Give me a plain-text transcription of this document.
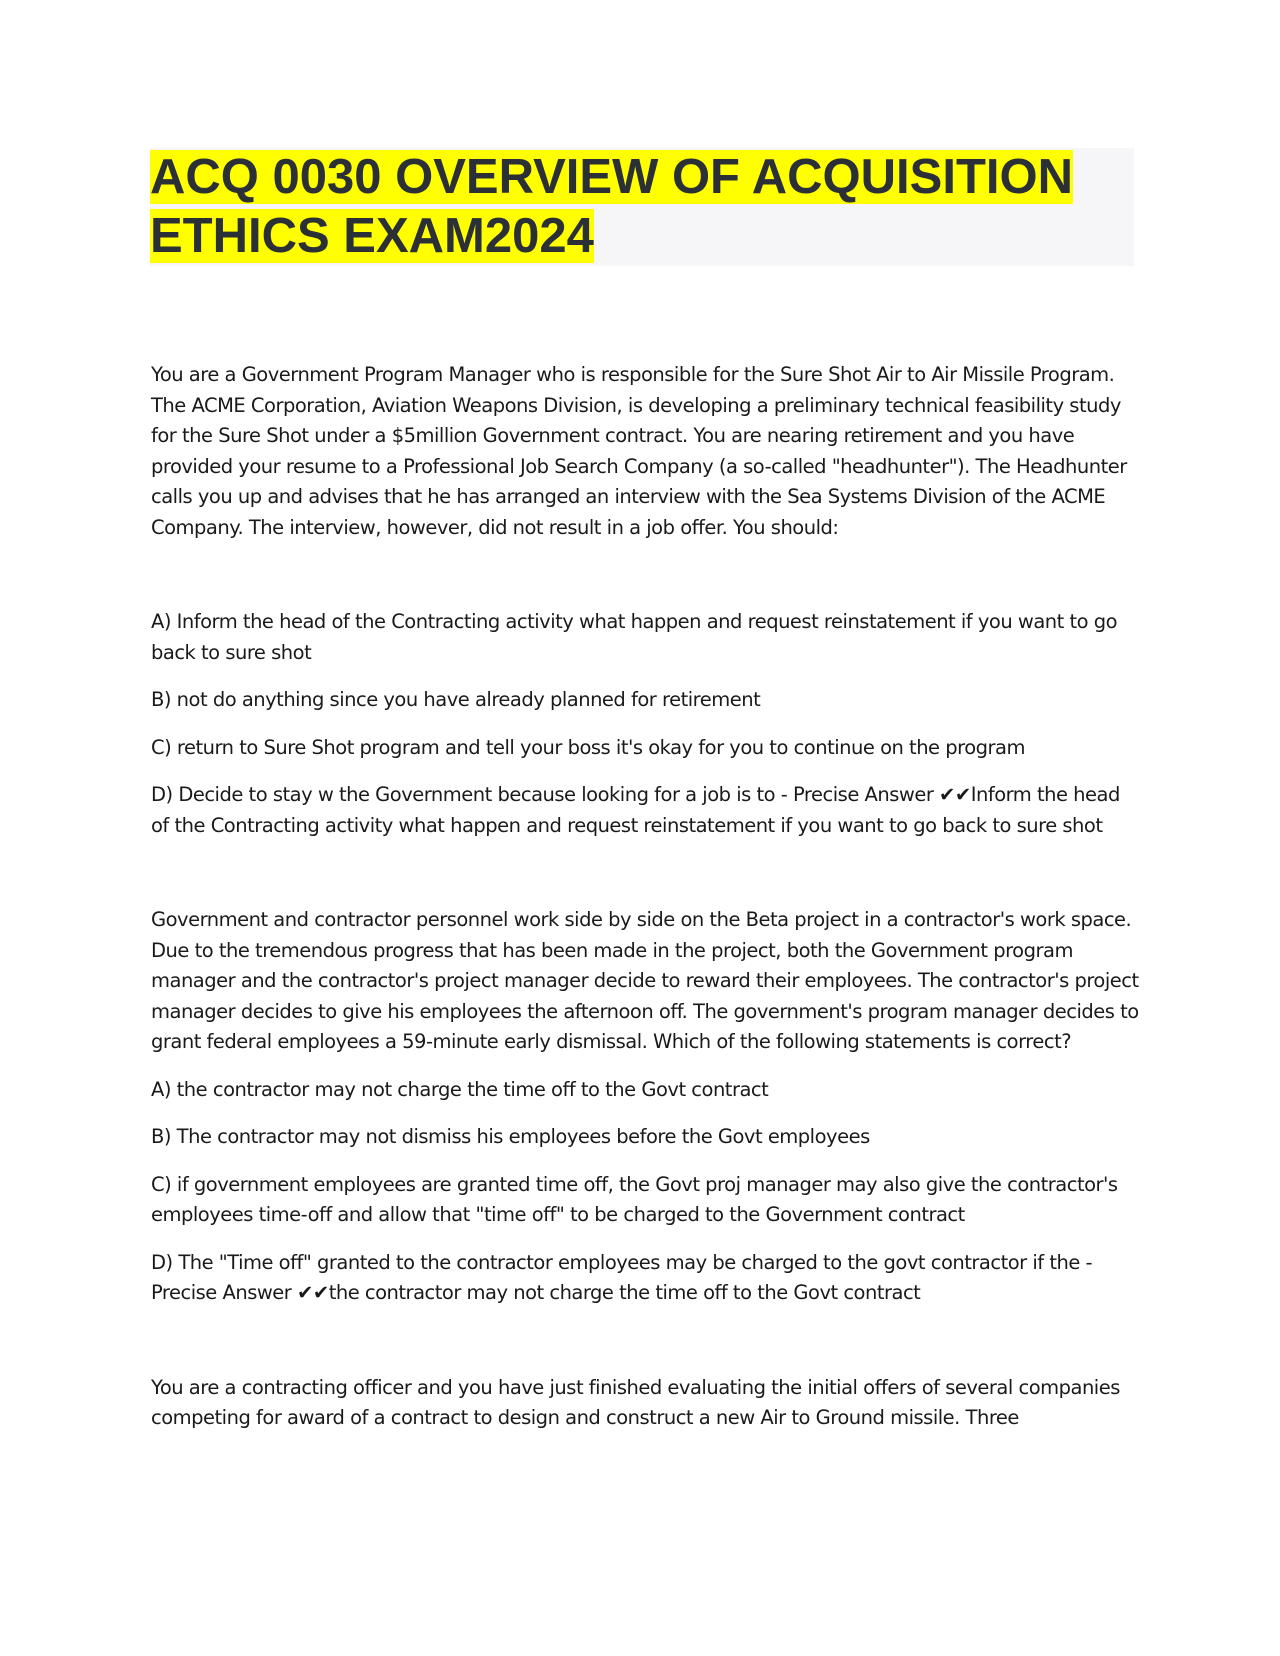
ACQ 0030 OVERVIEW OF ACQUISITION
ETHICS EXAM2024

You are a Government Program Manager who is responsible for the Sure Shot Air to Air Missile Program. The ACME Corporation, Aviation Weapons Division, is developing a preliminary technical feasibility study for the Sure Shot under a $5million Government contract. You are nearing retirement and you have provided your resume to a Professional Job Search Company (a so-called "headhunter"). The Headhunter calls you up and advises that he has arranged an interview with the Sea Systems Division of the ACME Company. The interview, however, did not result in a job offer. You should:

A) Inform the head of the Contracting activity what happen and request reinstatement if you want to go back to sure shot

B) not do anything since you have already planned for retirement

C) return to Sure Shot program and tell your boss it's okay for you to continue on the program

D) Decide to stay w the Government because looking for a job is to - Precise Answer ✔✔Inform the head of the Contracting activity what happen and request reinstatement if you want to go back to sure shot

Government and contractor personnel work side by side on the Beta project in a contractor's work space. Due to the tremendous progress that has been made in the project, both the Government program manager and the contractor's project manager decide to reward their employees. The contractor's project manager decides to give his employees the afternoon off. The government's program manager decides to grant federal employees a 59-minute early dismissal. Which of the following statements is correct?

A) the contractor may not charge the time off to the Govt contract

B) The contractor may not dismiss his employees before the Govt employees

C) if government employees are granted time off, the Govt proj manager may also give the contractor's employees time-off and allow that "time off" to be charged to the Government contract

D) The "Time off" granted to the contractor employees may be charged to the govt contractor if the - Precise Answer ✔✔the contractor may not charge the time off to the Govt contract

You are a contracting officer and you have just finished evaluating the initial offers of several companies competing for award of a contract to design and construct a new Air to Ground missile. Three
